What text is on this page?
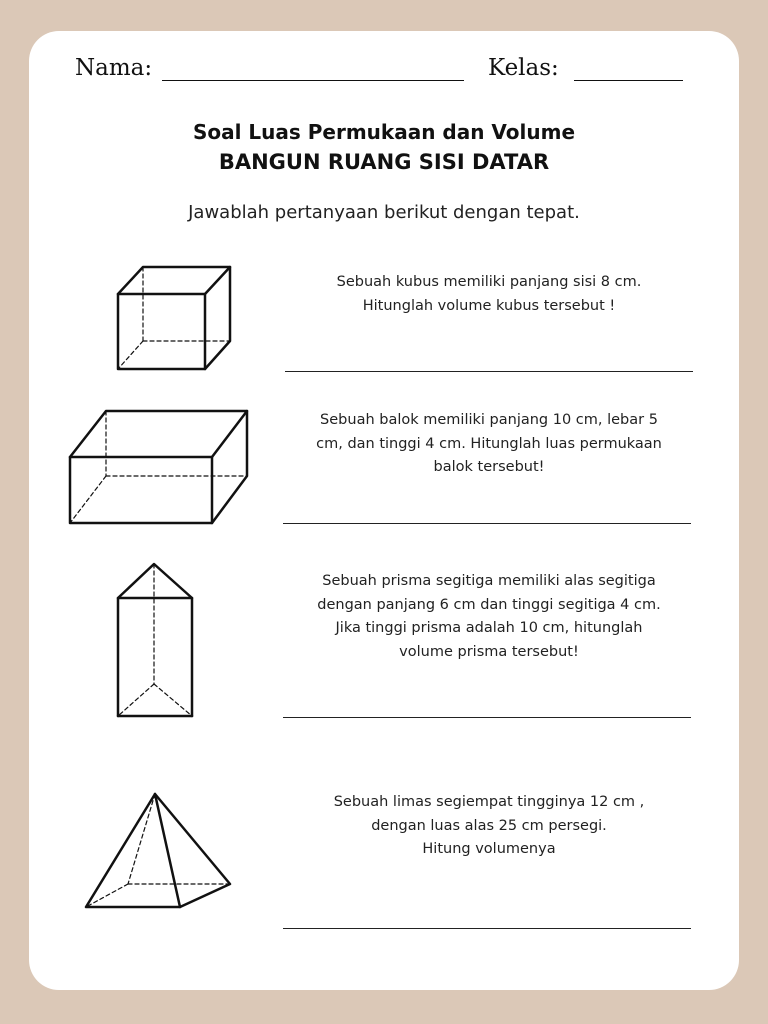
Nama:	Kelas:
Soal Luas Permukaan dan Volume
BANGUN RUANG SISI DATAR
Jawablah pertanyaan berikut dengan tepat.
Sebuah kubus memiliki panjang sisi 8 cm.
Hitunglah volume kubus tersebut !
Sebuah balok memiliki panjang 10 cm, lebar 5
cm, dan tinggi 4 cm. Hitunglah luas permukaan
balok tersebut!
Sebuah prisma segitiga memiliki alas segitiga
dengan panjang 6 cm dan tinggi segitiga 4 cm.
Jika tinggi prisma adalah 10 cm, hitunglah
volume prisma tersebut!
Sebuah limas segiempat tingginya 12 cm ,
dengan luas alas 25 cm persegi.
Hitung volumenya
